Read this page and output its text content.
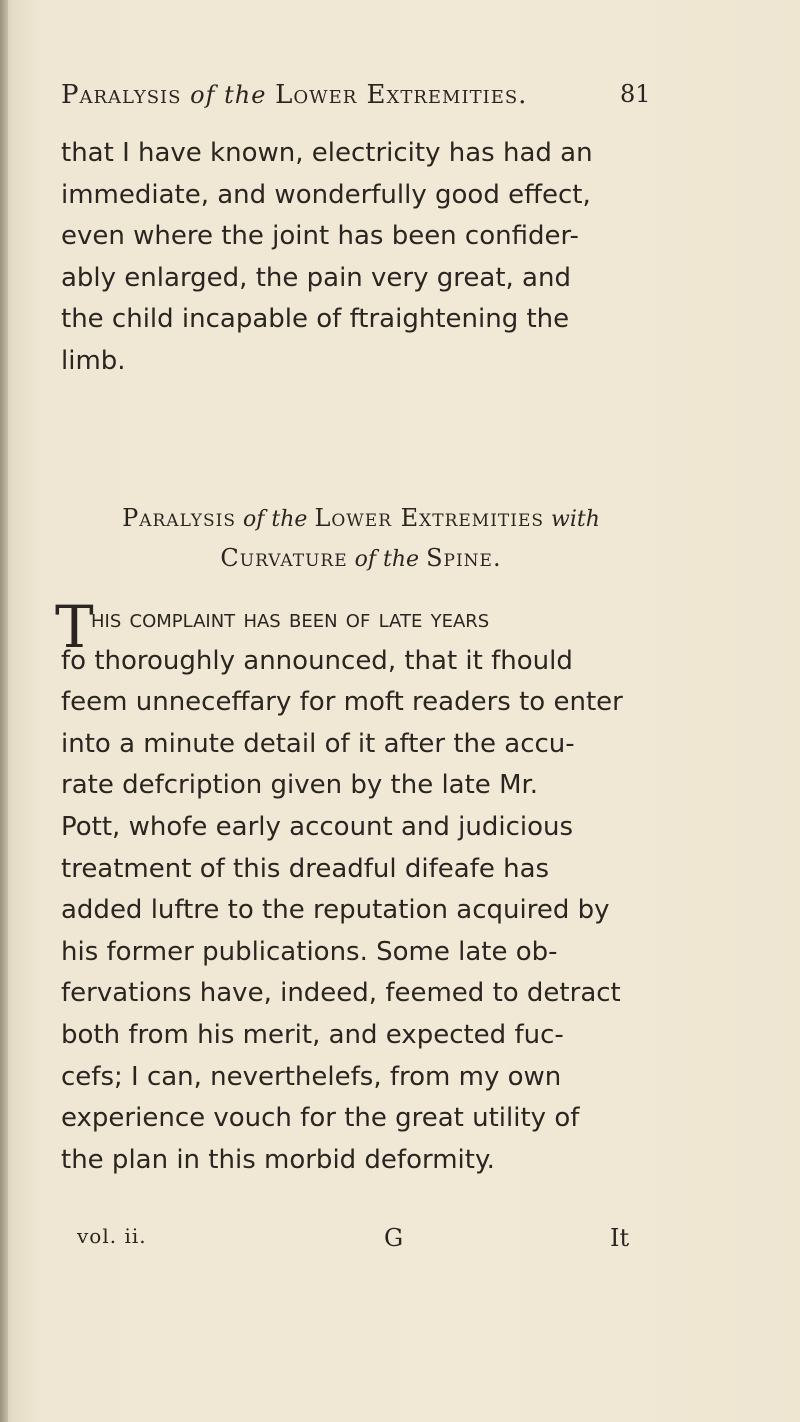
Paralysis of the Lower Extremities.	81
that I have known, electricity has had an
immediate, and wonderfully good effect,
even where the joint has been confider-
ably enlarged, the pain very great, and
the child incapable of ftraightening the
limb.
Paralysis of the Lower Extremities with
Curvature of the Spine.
T
his complaint has been of late years
fo thoroughly announced, that it fhould
feem unneceffary for moft readers to enter
into a minute detail of it after the accu-
rate defcription given by the late Mr.
Pott, whofe early account and judicious
treatment of this dreadful difeafe has
added luftre to the reputation acquired by
his former publications. Some late ob-
fervations have, indeed, feemed to detract
both from his merit, and expected fuc-
cefs; I can, neverthelefs, from my own
experience vouch for the great utility of
the plan in this morbid deformity.
vol. ii.	G	It
